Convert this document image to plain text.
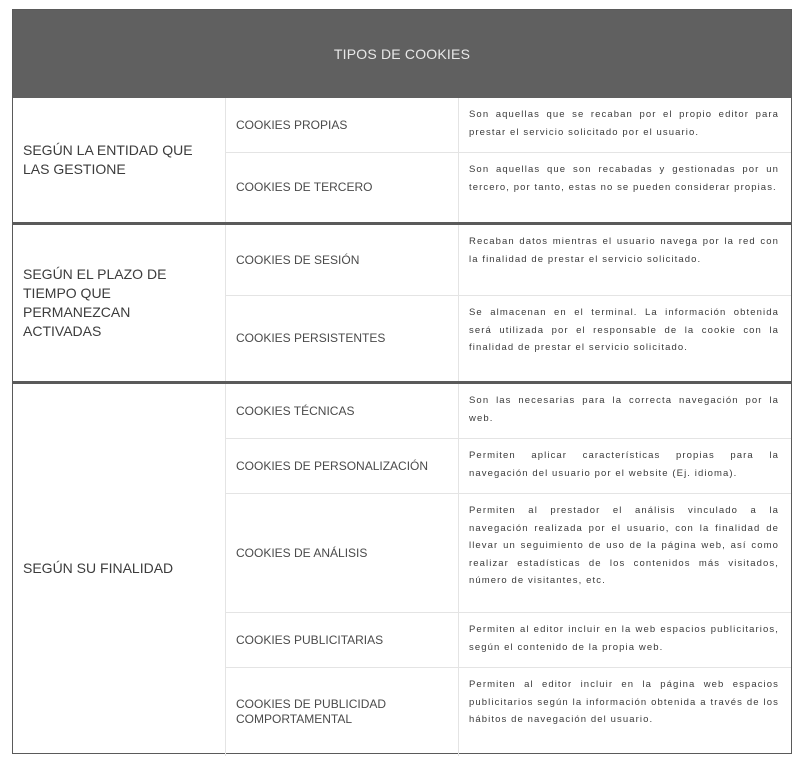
TIPOS DE COOKIES
SEGÚN LA ENTIDAD QUE LAS GESTIONE
COOKIES PROPIAS
Son aquellas que se recaban por el propio editor para prestar el servicio solicitado por el usuario.
COOKIES DE TERCERO
Son aquellas que son recabadas y gestionadas por un tercero, por tanto, estas no se pueden considerar propias.
SEGÚN EL PLAZO DE TIEMPO QUE PERMANEZCAN ACTIVADAS
COOKIES DE SESIÓN
Recaban datos mientras el usuario navega por la red con la finalidad de prestar el servicio solicitado.
COOKIES PERSISTENTES
Se almacenan en el terminal. La información obtenida será utilizada por el responsable de la cookie con la finalidad de prestar el servicio solicitado.
SEGÚN SU FINALIDAD
COOKIES TÉCNICAS
Son las necesarias para la correcta navegación por la web.
COOKIES DE PERSONALIZACIÓN
Permiten aplicar características propias para la navegación del usuario por el website (Ej. idioma).
COOKIES DE ANÁLISIS
Permiten al prestador el análisis vinculado a la navegación realizada por el usuario, con la finalidad de llevar un seguimiento de uso de la página web, así como realizar estadísticas de los contenidos más visitados, número de visitantes, etc.
COOKIES PUBLICITARIAS
Permiten al editor incluir en la web espacios publicitarios, según el contenido de la propia web.
COOKIES DE PUBLICIDAD COMPORTAMENTAL
Permiten al editor incluir en la página web espacios publicitarios según la información obtenida a través de los hábitos de navegación del usuario.
